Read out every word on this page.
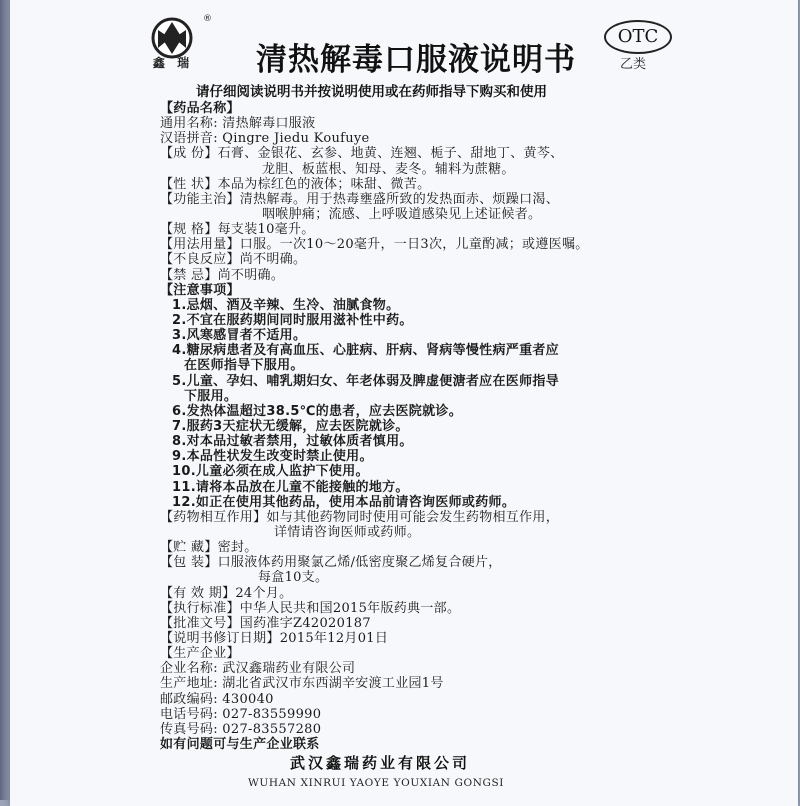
鑫 瑞
®
清热解毒口服液说明书
OTC
乙类
请仔细阅读说明书并按说明使用或在药师指导下购买和使用
【药品名称】
通用名称: 清热解毒口服液
汉语拼音: Qingre Jiedu Koufuye
【成 份】石膏、金银花、玄参、地黄、连翘、栀子、甜地丁、黄芩、
龙胆、板蓝根、知母、麦冬。辅料为蔗糖。
【性 状】本品为棕红色的液体；味甜、微苦。
【功能主治】清热解毒。用于热毒壅盛所致的发热面赤、烦躁口渴、
咽喉肿痛；流感、上呼吸道感染见上述证候者。
【规 格】每支装10毫升。
【用法用量】口服。一次10～20毫升，一日3次，儿童酌减；或遵医嘱。
【不良反应】尚不明确。
【禁 忌】尚不明确。
【注意事项】
1.忌烟、酒及辛辣、生冷、油腻食物。
2.不宜在服药期间同时服用滋补性中药。
3.风寒感冒者不适用。
4.糖尿病患者及有高血压、心脏病、肝病、肾病等慢性病严重者应
在医师指导下服用。
5.儿童、孕妇、哺乳期妇女、年老体弱及脾虚便溏者应在医师指导
下服用。
6.发热体温超过38.5℃的患者，应去医院就诊。
7.服药3天症状无缓解，应去医院就诊。
8.对本品过敏者禁用，过敏体质者慎用。
9.本品性状发生改变时禁止使用。
10.儿童必须在成人监护下使用。
11.请将本品放在儿童不能接触的地方。
12.如正在使用其他药品，使用本品前请咨询医师或药师。
【药物相互作用】如与其他药物同时使用可能会发生药物相互作用，
详情请咨询医师或药师。
【贮 藏】密封。
【包 装】口服液体药用聚氯乙烯/低密度聚乙烯复合硬片，
每盒10支。
【有 效 期】24个月。
【执行标准】中华人民共和国2015年版药典一部。
【批准文号】国药准字Z42020187
【说明书修订日期】2015年12月01日
【生产企业】
企业名称: 武汉鑫瑞药业有限公司
生产地址: 湖北省武汉市东西湖辛安渡工业园1号
邮政编码: 430040
电话号码: 027-83559990
传真号码: 027-83557280
如有问题可与生产企业联系
武汉鑫瑞药业有限公司
WUHAN XINRUI YAOYE YOUXIAN GONGSI
